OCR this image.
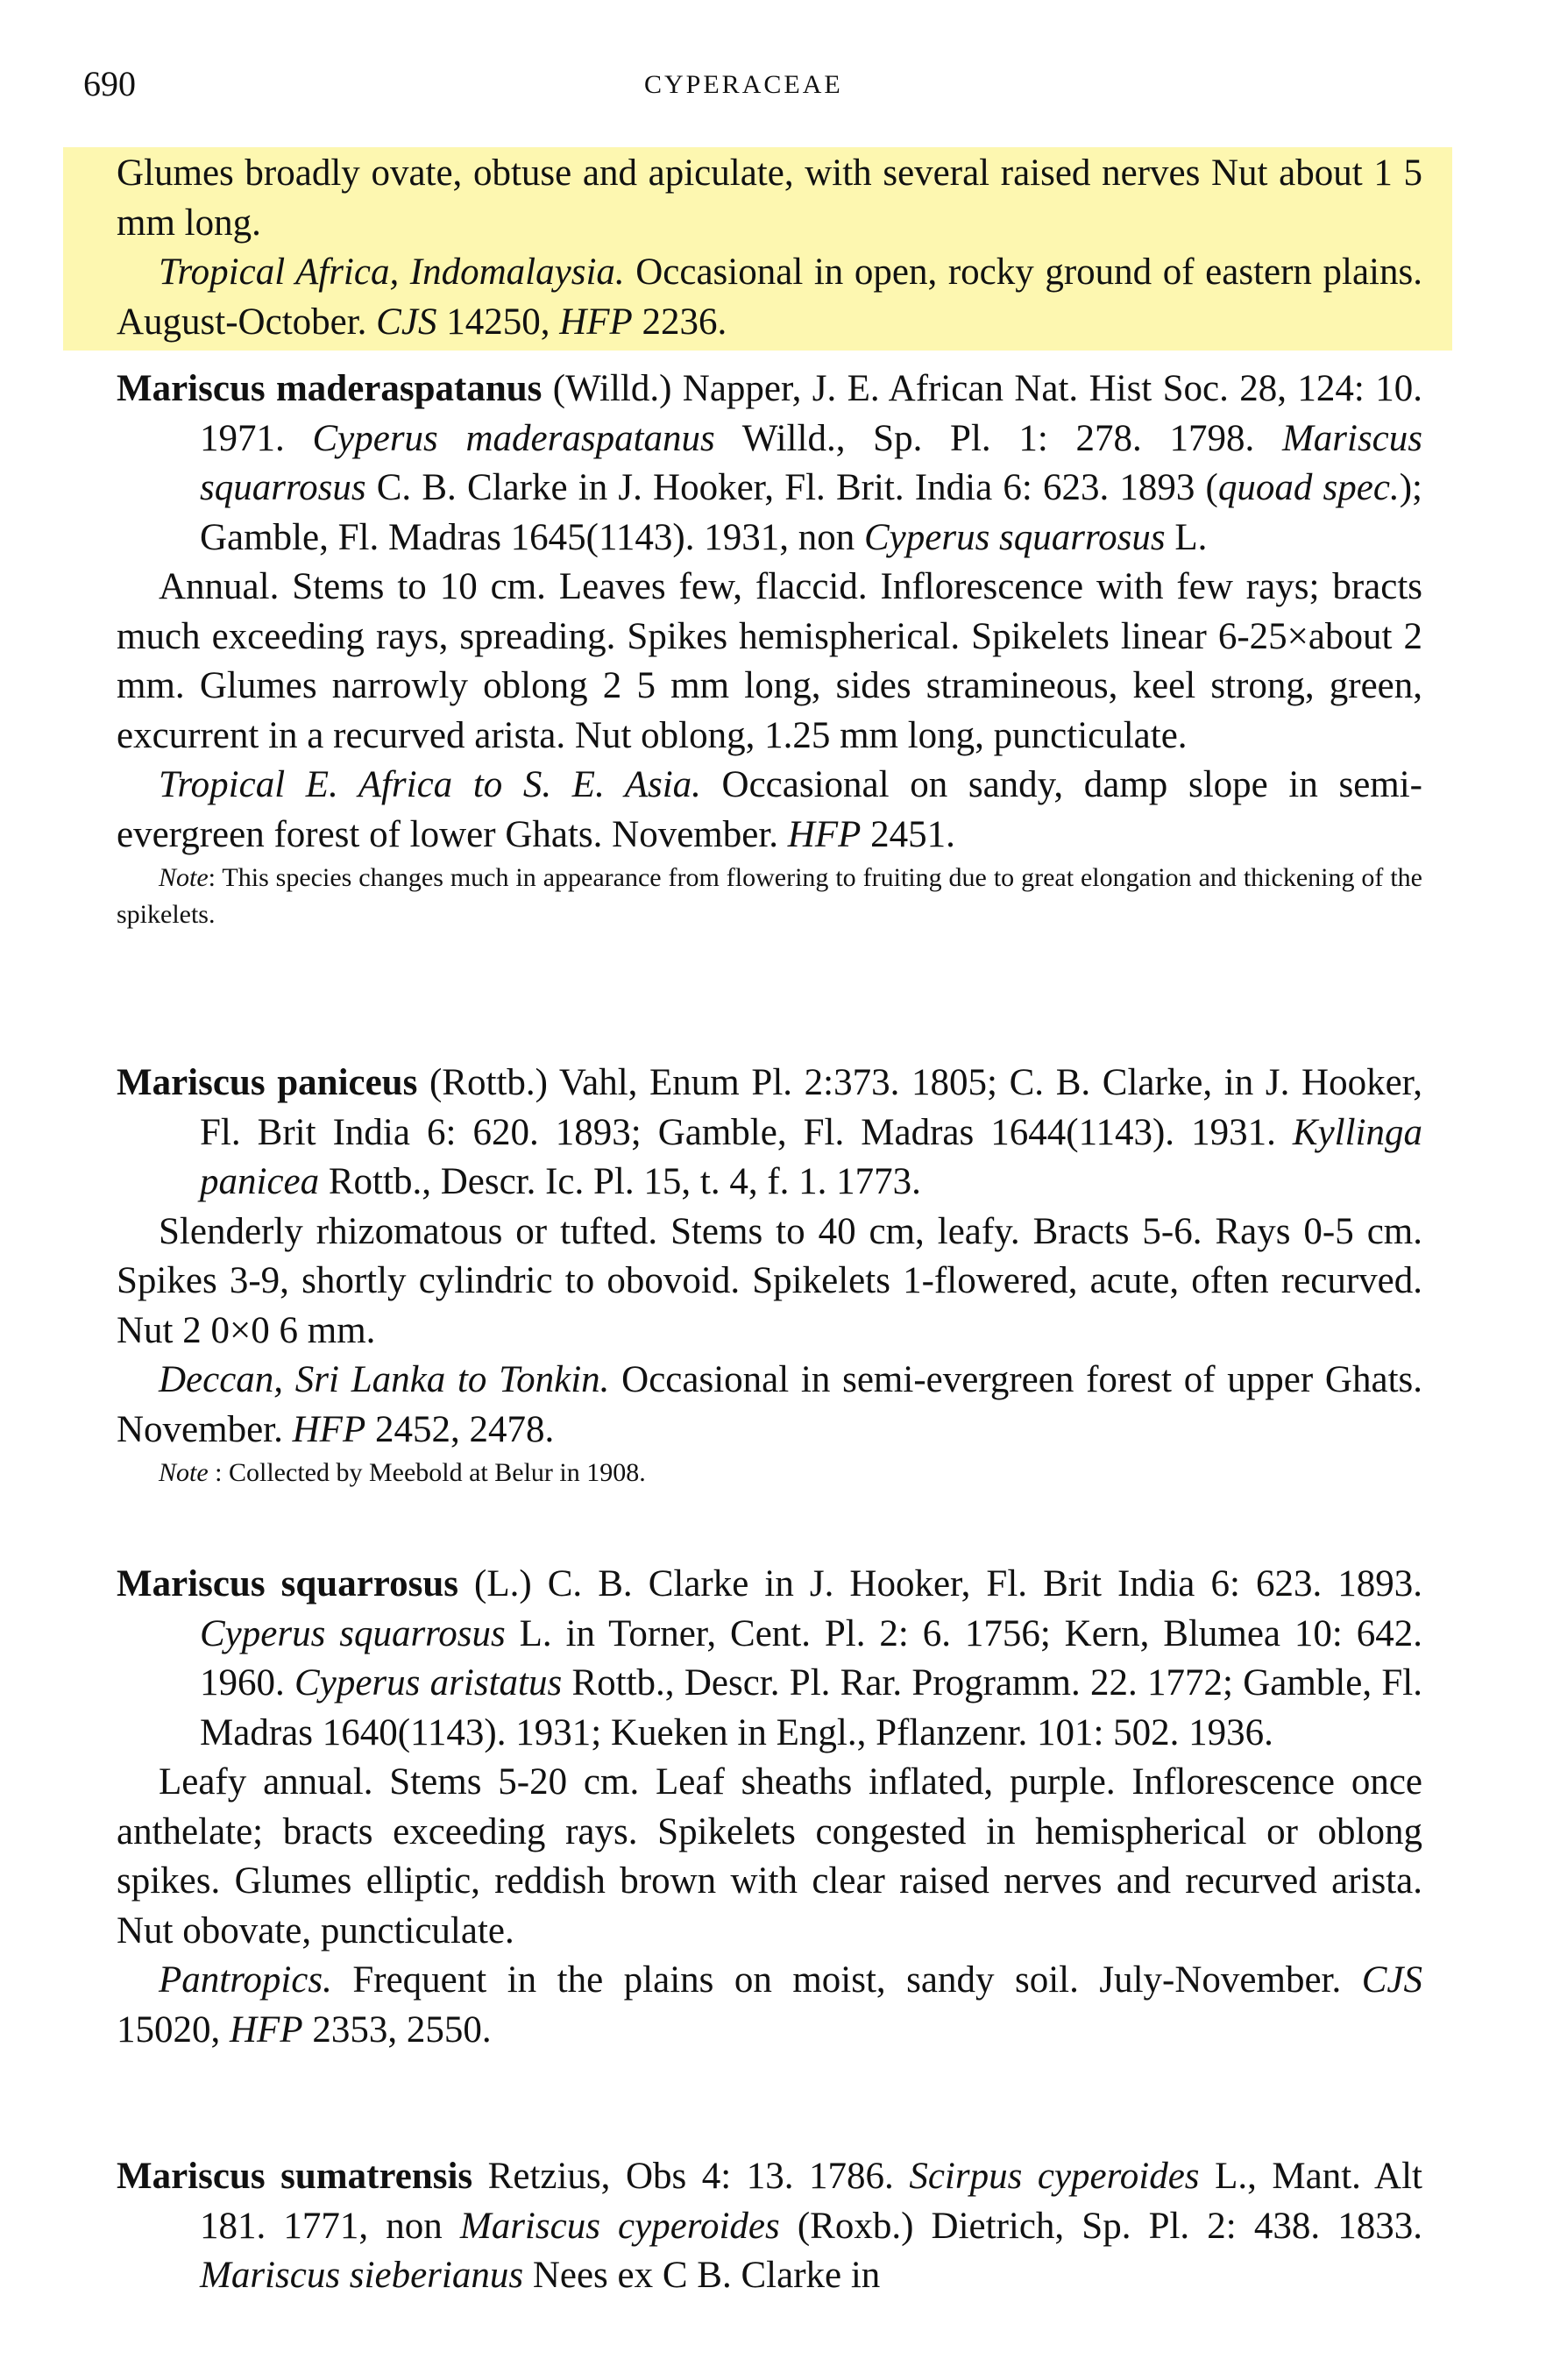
690	CYPERACEAE

Glumes broadly ovate, obtuse and apiculate, with several raised nerves Nut about 1 5 mm long.

Tropical Africa, Indomalaysia. Occasional in open, rocky ground of eastern plains. August-October. CJS 14250, HFP 2236.

Mariscus maderaspatanus (Willd.) Napper, J. E. African Nat. Hist Soc. 28, 124: 10. 1971. Cyperus maderaspatanus Willd., Sp. Pl. 1: 278. 1798. Mariscus squarrosus C. B. Clarke in J. Hooker, Fl. Brit. India 6: 623. 1893 (quoad spec.); Gamble, Fl. Madras 1645(1143). 1931, non Cyperus squarrosus L.

Annual. Stems to 10 cm. Leaves few, flaccid. Inflorescence with few rays; bracts much exceeding rays, spreading. Spikes hemispherical. Spikelets linear 6-25×about 2 mm. Glumes narrowly oblong 2 5 mm long, sides stramineous, keel strong, green, excurrent in a recurved arista. Nut oblong, 1.25 mm long, puncticulate.

Tropical E. Africa to S. E. Asia. Occasional on sandy, damp slope in semi-evergreen forest of lower Ghats. November. HFP 2451.

Note: This species changes much in appearance from flowering to fruiting due to great elongation and thickening of the spikelets.

Mariscus paniceus (Rottb.) Vahl, Enum Pl. 2:373. 1805; C. B. Clarke, in J. Hooker, Fl. Brit India 6: 620. 1893; Gamble, Fl. Madras 1644(1143). 1931. Kyllinga panicea Rottb., Descr. Ic. Pl. 15, t. 4, f. 1. 1773.

Slenderly rhizomatous or tufted. Stems to 40 cm, leafy. Bracts 5-6. Rays 0-5 cm. Spikes 3-9, shortly cylindric to obovoid. Spikelets 1-flowered, acute, often recurved. Nut 2 0×0 6 mm.

Deccan, Sri Lanka to Tonkin. Occasional in semi-evergreen forest of upper Ghats. November. HFP 2452, 2478.

Note : Collected by Meebold at Belur in 1908.

Mariscus squarrosus (L.) C. B. Clarke in J. Hooker, Fl. Brit India 6: 623. 1893. Cyperus squarrosus L. in Torner, Cent. Pl. 2: 6. 1756; Kern, Blumea 10: 642. 1960. Cyperus aristatus Rottb., Descr. Pl. Rar. Programm. 22. 1772; Gamble, Fl. Madras 1640(1143). 1931; Kueken in Engl., Pflanzenr. 101: 502. 1936.

Leafy annual. Stems 5-20 cm. Leaf sheaths inflated, purple. Inflorescence once anthelate; bracts exceeding rays. Spikelets congested in hemispherical or oblong spikes. Glumes elliptic, reddish brown with clear raised nerves and recurved arista. Nut obovate, puncticulate.

Pantropics. Frequent in the plains on moist, sandy soil. July-November. CJS 15020, HFP 2353, 2550.

Mariscus sumatrensis Retzius, Obs 4: 13. 1786. Scirpus cyperoides L., Mant. Alt 181. 1771, non Mariscus cyperoides (Roxb.) Dietrich, Sp. Pl. 2: 438. 1833. Mariscus sieberianus Nees ex C B. Clarke in
